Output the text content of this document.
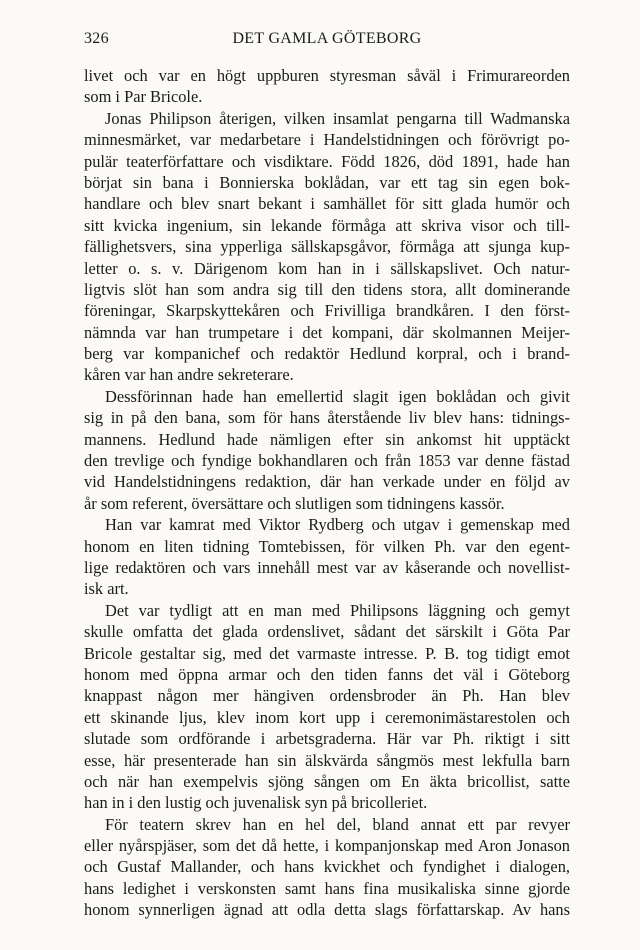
326	DET GAMLA GÖTEBORG
livet och var en högt uppburen styresman såväl i Frimurareorden
som i Par Bricole.
Jonas Philipson återigen, vilken insamlat pengarna till Wadmanska
minnesmärket, var medarbetare i Handelstidningen och förövrigt po-
pulär teaterförfattare och visdiktare. Född 1826, död 1891, hade han
börjat sin bana i Bonnierska boklådan, var ett tag sin egen bok-
handlare och blev snart bekant i samhället för sitt glada humör och
sitt kvicka ingenium, sin lekande förmåga att skriva visor och till-
fällighetsvers, sina ypperliga sällskapsgåvor, förmåga att sjunga kup-
letter o. s. v. Därigenom kom han in i sällskapslivet. Och natur-
ligtvis slöt han som andra sig till den tidens stora, allt dominerande
föreningar, Skarpskyttekåren och Frivilliga brandkåren. I den först-
nämnda var han trumpetare i det kompani, där skolmannen Meijer-
berg var kompanichef och redaktör Hedlund korpral, och i brand-
kåren var han andre sekreterare.
Dessförinnan hade han emellertid slagit igen boklådan och givit
sig in på den bana, som för hans återstående liv blev hans: tidnings-
mannens. Hedlund hade nämligen efter sin ankomst hit upptäckt
den trevlige och fyndige bokhandlaren och från 1853 var denne fästad
vid Handelstidningens redaktion, där han verkade under en följd av
år som referent, översättare och slutligen som tidningens kassör.
Han var kamrat med Viktor Rydberg och utgav i gemenskap med
honom en liten tidning Tomtebissen, för vilken Ph. var den egent-
lige redaktören och vars innehåll mest var av kåserande och novellist-
isk art.
Det var tydligt att en man med Philipsons läggning och gemyt
skulle omfatta det glada ordenslivet, sådant det särskilt i Göta Par
Bricole gestaltar sig, med det varmaste intresse. P. B. tog tidigt emot
honom med öppna armar och den tiden fanns det väl i Göteborg
knappast någon mer hängiven ordensbroder än Ph. Han blev
ett skinande ljus, klev inom kort upp i ceremonimästarestolen och
slutade som ordförande i arbetsgraderna. Här var Ph. riktigt i sitt
esse, här presenterade han sin älskvärda sångmös mest lekfulla barn
och när han exempelvis sjöng sången om En äkta bricollist, satte
han in i den lustig och juvenalisk syn på bricolleriet.
För teatern skrev han en hel del, bland annat ett par revyer
eller nyårspjäser, som det då hette, i kompanjonskap med Aron Jonason
och Gustaf Mallander, och hans kvickhet och fyndighet i dialogen,
hans ledighet i verskonsten samt hans fina musikaliska sinne gjorde
honom synnerligen ägnad att odla detta slags författarskap. Av hans
